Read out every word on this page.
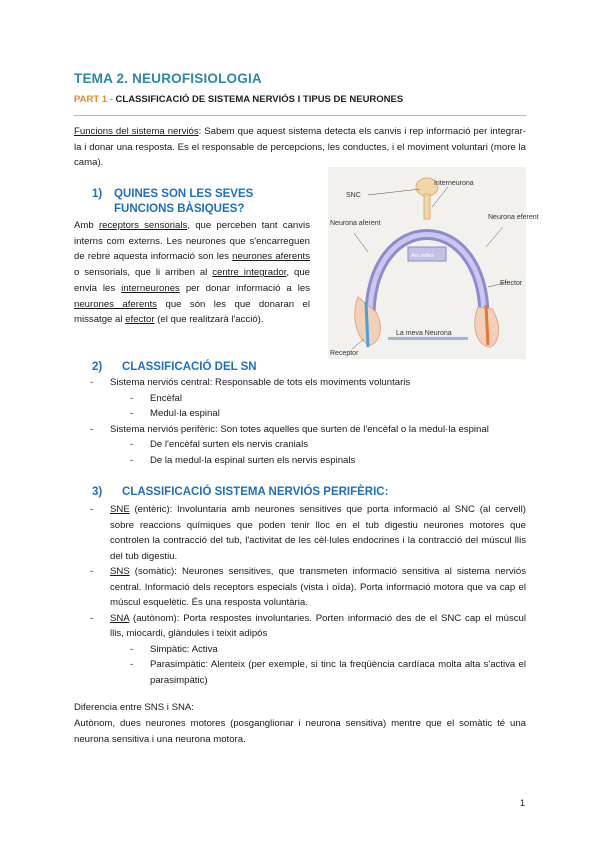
TEMA 2. NEUROFISIOLOGIA
PART 1 - CLASSIFICACIÓ DE SISTEMA NERVIÓS I TIPUS DE NEURONES
Funcions del sistema nerviós: Sabem que aquest sistema detecta els canvis i rep informació per integrar-la i donar una resposta. Es el responsable de percepcions, les conductes, i el moviment voluntari (more la cama).
1)	QUINES SON LES SEVES FUNCIONS BÀSIQUES?
Amb receptors sensorials, que perceben tant canvis interns com externs. Les neurones que s'encarreguen de rebre aquesta informació son les neurones aferents o sensorials, que li arriben al centre integrador, que envia les interneurones per donar informació a les neurones aferents que són les que donaran el missatge al efector (el que realitzarà l'acció).
SNC
Interneurona
Neurona aferent
Neurona eferent
Arc reflex
Efector
Receptor
La meva Neurona
2) CLASSIFICACIÓ DEL SN
- Sistema nerviós central: Responsable de tots els moviments voluntaris
- Encèfal
- Medul·la espinal
- Sistema nerviós perifèric: Son totes aquelles que surten de l'encèfal o la medul·la espinal
- De l'encèfal surten els nervis cranials
- De la medul·la espinal surten els nervis espinals
3) CLASSIFICACIÓ SISTEMA NERVIÓS PERIFÈRIC:
- SNE (entèric): Involuntaria amb neurones sensitives que porta informació al SNC (al cervell) sobre reaccions químiques que poden tenir lloc en el tub digestiu neurones motores que controlen la contracció del tub, l'activitat de les cèl·lules endocrines i la contracció del múscul llis del tub digestiu.
- SNS (somàtic): Neurones sensitives, que transmeten informació sensitiva al sistema nerviós central. Informació dels receptors especials (vista i oïda). Porta informació motora que va cap el múscul esquelètic. És una resposta voluntària.
- SNA (autònom): Porta respostes involuntaries. Porten informació des de el SNC cap el múscul llis, miocardi, glàndules i teixit adipós
- Simpàtic: Activa
- Parasimpàtic: Alenteix (per exemple, si tinc la freqüència cardíaca molta alta s'activa el parasimpàtic)
Diferencia entre SNS i SNA:
Autònom, dues neurones motores (posganglionar i neurona sensitiva) mentre que el somàtic té una neurona sensitiva i una neurona motora.
1
